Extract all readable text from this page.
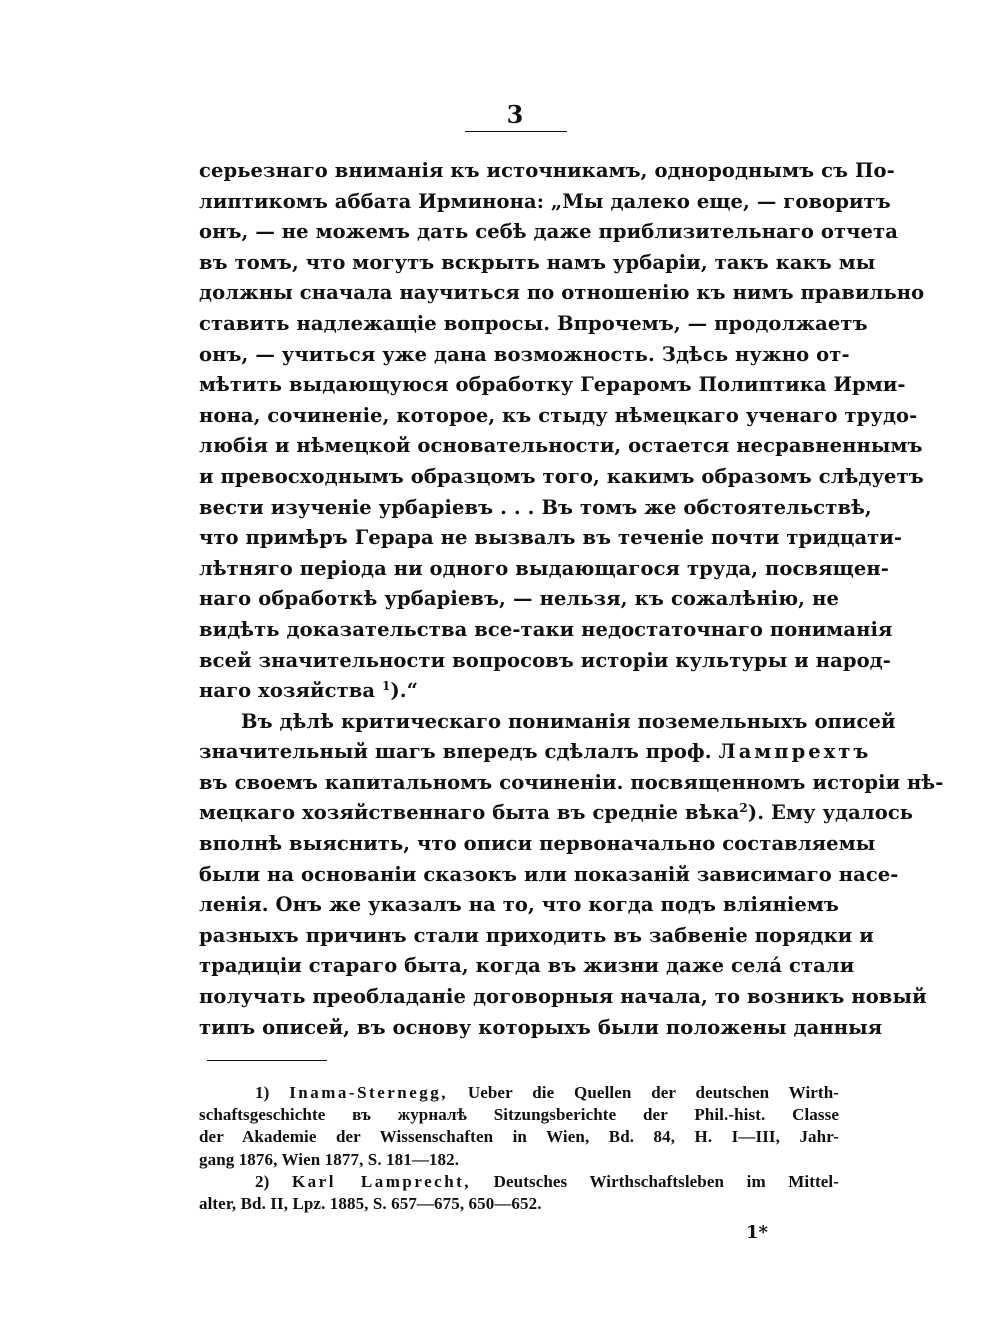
3
серьезнаго вниманія къ источникамъ, однороднымъ съ По-
липтикомъ аббата Ирминона: „Мы далеко еще, — говоритъ
онъ, — не можемъ дать себѣ даже приблизительнаго отчета
въ томъ, что могутъ вскрыть намъ урбаріи, такъ какъ мы
должны сначала научиться по отношенію къ нимъ правильно
ставить надлежащіе вопросы. Впрочемъ, — продолжаетъ
онъ, — учиться уже дана возможность. Здѣсь нужно от-
мѣтить выдающуюся обработку Гераромъ Полиптика Ирми-
нона, сочиненіе, которое, къ стыду нѣмецкаго ученаго трудо-
любія и нѣмецкой основательности, остается несравненнымъ
и превосходнымъ образцомъ того, какимъ образомъ слѣдуетъ
вести изученіе урбаріевъ . . . Въ томъ же обстоятельствѣ,
что примѣръ Герара не вызвалъ въ теченіе почти тридцати-
лѣтняго періода ни одного выдающагося труда, посвящен-
наго обработкѣ урбаріевъ, — нельзя, къ сожалѣнію, не
видѣть доказательства все-таки недостаточнаго пониманія
всей значительности вопросовъ исторіи культуры и народ-
наго хозяйства $^1$).“
Въ дѣлѣ критическаго пониманія поземельныхъ описей
значительный шагъ впередъ сдѣлалъ проф. Лампрехтъ
въ своемъ капитальномъ сочиненіи. посвященномъ исторіи нѣ-
мецкаго хозяйственнаго быта въ средніе вѣка$^2$). Ему удалось
вполнѣ выяснить, что описи первоначально составляемы
были на основаніи сказокъ или показаній зависимаго насе-
ленія. Онъ же указалъ на то, что когда подъ вліяніемъ
разныхъ причинъ стали приходить въ забвеніе порядки и
традиціи стараго быта, когда въ жизни даже села́ стали
получать преобладаніе договорныя начала, то возникъ новый
типъ описей, въ основу которыхъ были положены данныя
1) Inama-Sternegg, Ueber die Quellen der deutschen Wirth-
schaftsgeschichte въ журналѣ Sitzungsberichte der Phil.-hist. Classe
der Akademie der Wissenschaften in Wien, Bd. 84, H. I—III, Jahr-
gang 1876, Wien 1877, S. 181—182.
2) Karl Lamprecht, Deutsches Wirthschaftsleben im Mittel-
alter, Bd. II, Lpz. 1885, S. 657—675, 650—652.
1*
